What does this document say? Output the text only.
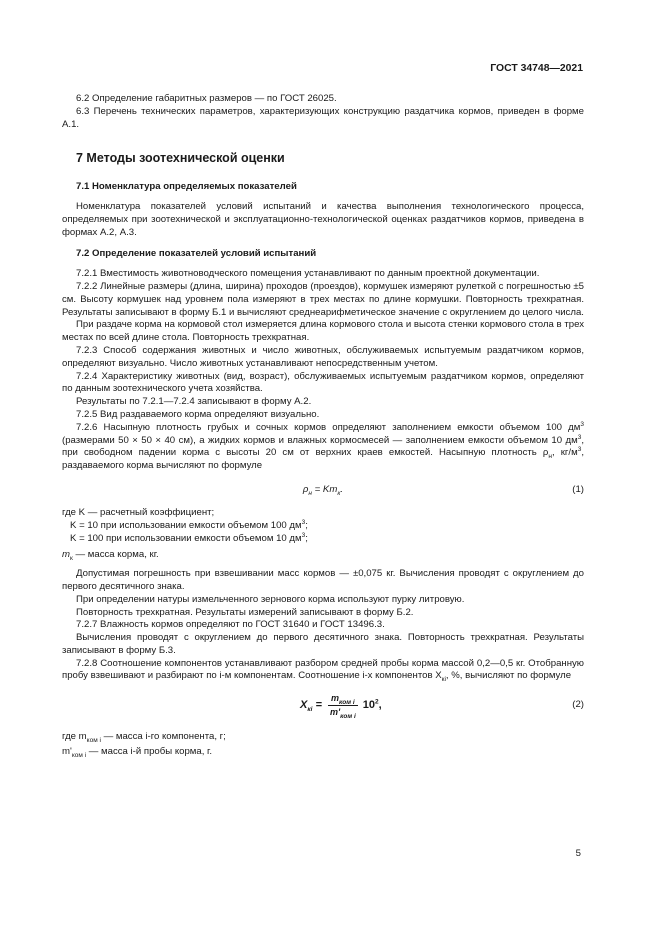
ГОСТ 34748—2021

6.2 Определение габаритных размеров — по ГОСТ 26025.

6.3 Перечень технических параметров, характеризующих конструкцию раздатчика кормов, приведен в форме А.1.

7 Методы зоотехнической оценки
7.1 Номенклатура определяемых показателей

Номенклатура показателей условий испытаний и качества выполнения технологического процесса, определяемых при зоотехнической и эксплуатационно-технологической оценках раздатчиков кормов, приведена в формах А.2, А.3.

7.2 Определение показателей условий испытаний

7.2.1 Вместимость животноводческого помещения устанавливают по данным проектной документации.

7.2.2 Линейные размеры (длина, ширина) проходов (проездов), кормушек измеряют рулеткой с погрешностью ±5 см. Высоту кормушек над уровнем пола измеряют в трех местах по длине кормушки. Повторность трехкратная. Результаты записывают в форму Б.1 и вычисляют среднеарифметическое значение с округлением до целого числа.

При раздаче корма на кормовой стол измеряется длина кормового стола и высота стенки кормового стола в трех местах по всей длине стола. Повторность трехкратная.

7.2.3 Способ содержания животных и число животных, обслуживаемых испытуемым раздатчиком кормов, определяют визуально. Число животных устанавливают непосредственным учетом.

7.2.4 Характеристику животных (вид, возраст), обслуживаемых испытуемым раздатчиком кормов, определяют по данным зоотехнического учета хозяйства.

Результаты по 7.2.1—7.2.4 записывают в форму А.2.

7.2.5 Вид раздаваемого корма определяют визуально.

7.2.6 Насыпную плотность грубых и сочных кормов определяют заполнением емкости объемом 100 $дм^3$ (размерами 50 × 50 × 40 см), а жидких кормов и влажных кормосмесей — заполнением емкости объемом 10 $дм^3$, при свободном падении корма с высоты 20 см от верхних краев емкостей. Насыпную плотность $\rho_н$, $кг/м^3$, раздаваемого корма вычисляют по формуле

$\rho_н = Km_к$.	(1)

где K — расчетный коэффициент;

K = 10 при использовании емкости объемом 100 $дм^3$;

K = 100 при использовании емкости объемом 10 $дм^3$;

$m_к$ — масса корма, кг.

Допустимая погрешность при взвешивании масс кормов — ±0,075 кг. Вычисления проводят с округлением до первого десятичного знака.

При определении натуры измельченного зернового корма используют пурку литровую.

Повторность трехкратная. Результаты измерений записывают в форму Б.2.

7.2.7 Влажность кормов определяют по ГОСТ 31640 и ГОСТ 13496.3.

Вычисления проводят с округлением до первого десятичного знака. Повторность трехкратная. Результаты записывают в форму Б.3.

7.2.8 Соотношение компонентов устанавливают разбором средней пробы корма массой 0,2—0,5 кг. Отобранную пробу взвешивают и разбирают по i-м компонентам. Соотношение i-х компонентов $X_{кi}$, %, вычисляют по формуле

$X_{кi} = \frac{m_{ком i}}{m'_{ком i}} 10^2$,	(2)

где $m_{ком i}$ — масса i-го компонента, г;

$m'_{ком i}$ — масса i-й пробы корма, г.

5
